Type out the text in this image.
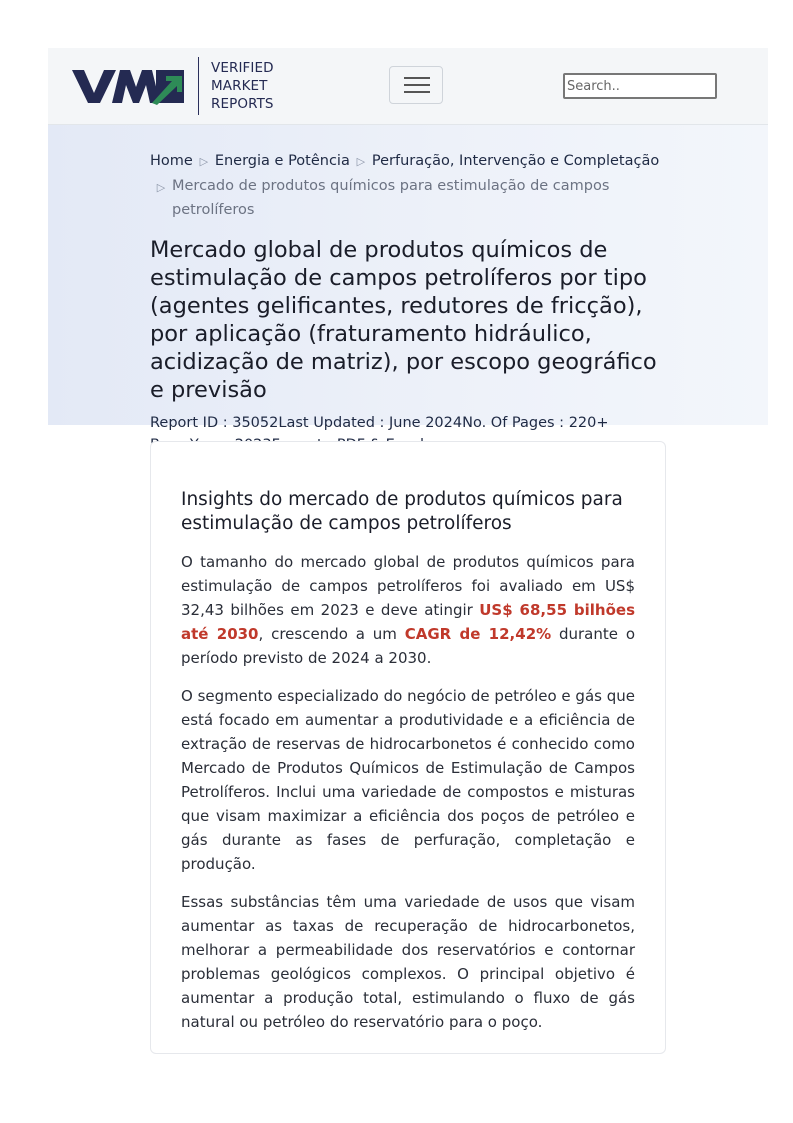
VERIFIED
MARKET
REPORTS
Search..
Home ▷ Energia e Potência ▷ Perfuração, Intervenção e Completação
▷ Mercado de produtos químicos para estimulação de campos petrolíferos
Mercado global de produtos químicos de estimulação de campos petrolíferos por tipo (agentes gelificantes, redutores de fricção), por aplicação (fraturamento hidráulico, acidização de matriz), por escopo geográfico e previsão
Report ID : 35052Last Updated : June 2024No. Of Pages : 220+
Insights do mercado de produtos químicos para estimulação de campos petrolíferos

O tamanho do mercado global de produtos químicos para estimulação de campos petrolíferos foi avaliado em US$ 32,43 bilhões em 2023 e deve atingir US$ 68,55 bilhões até 2030, crescendo a um CAGR de 12,42% durante o período previsto de 2024 a 2030.

O segmento especializado do negócio de petróleo e gás que está focado em aumentar a produtividade e a eficiência de extração de reservas de hidrocarbonetos é conhecido como Mercado de Produtos Químicos de Estimulação de Campos Petrolíferos. Inclui uma variedade de compostos e misturas que visam maximizar a eficiência dos poços de petróleo e gás durante as fases de perfuração, completação e produção.

Essas substâncias têm uma variedade de usos que visam aumentar as taxas de recuperação de hidrocarbonetos, melhorar a permeabilidade dos reservatórios e contornar problemas geológicos complexos. O principal objetivo é aumentar a produção total, estimulando o fluxo de gás natural ou petróleo do reservatório para o poço.
